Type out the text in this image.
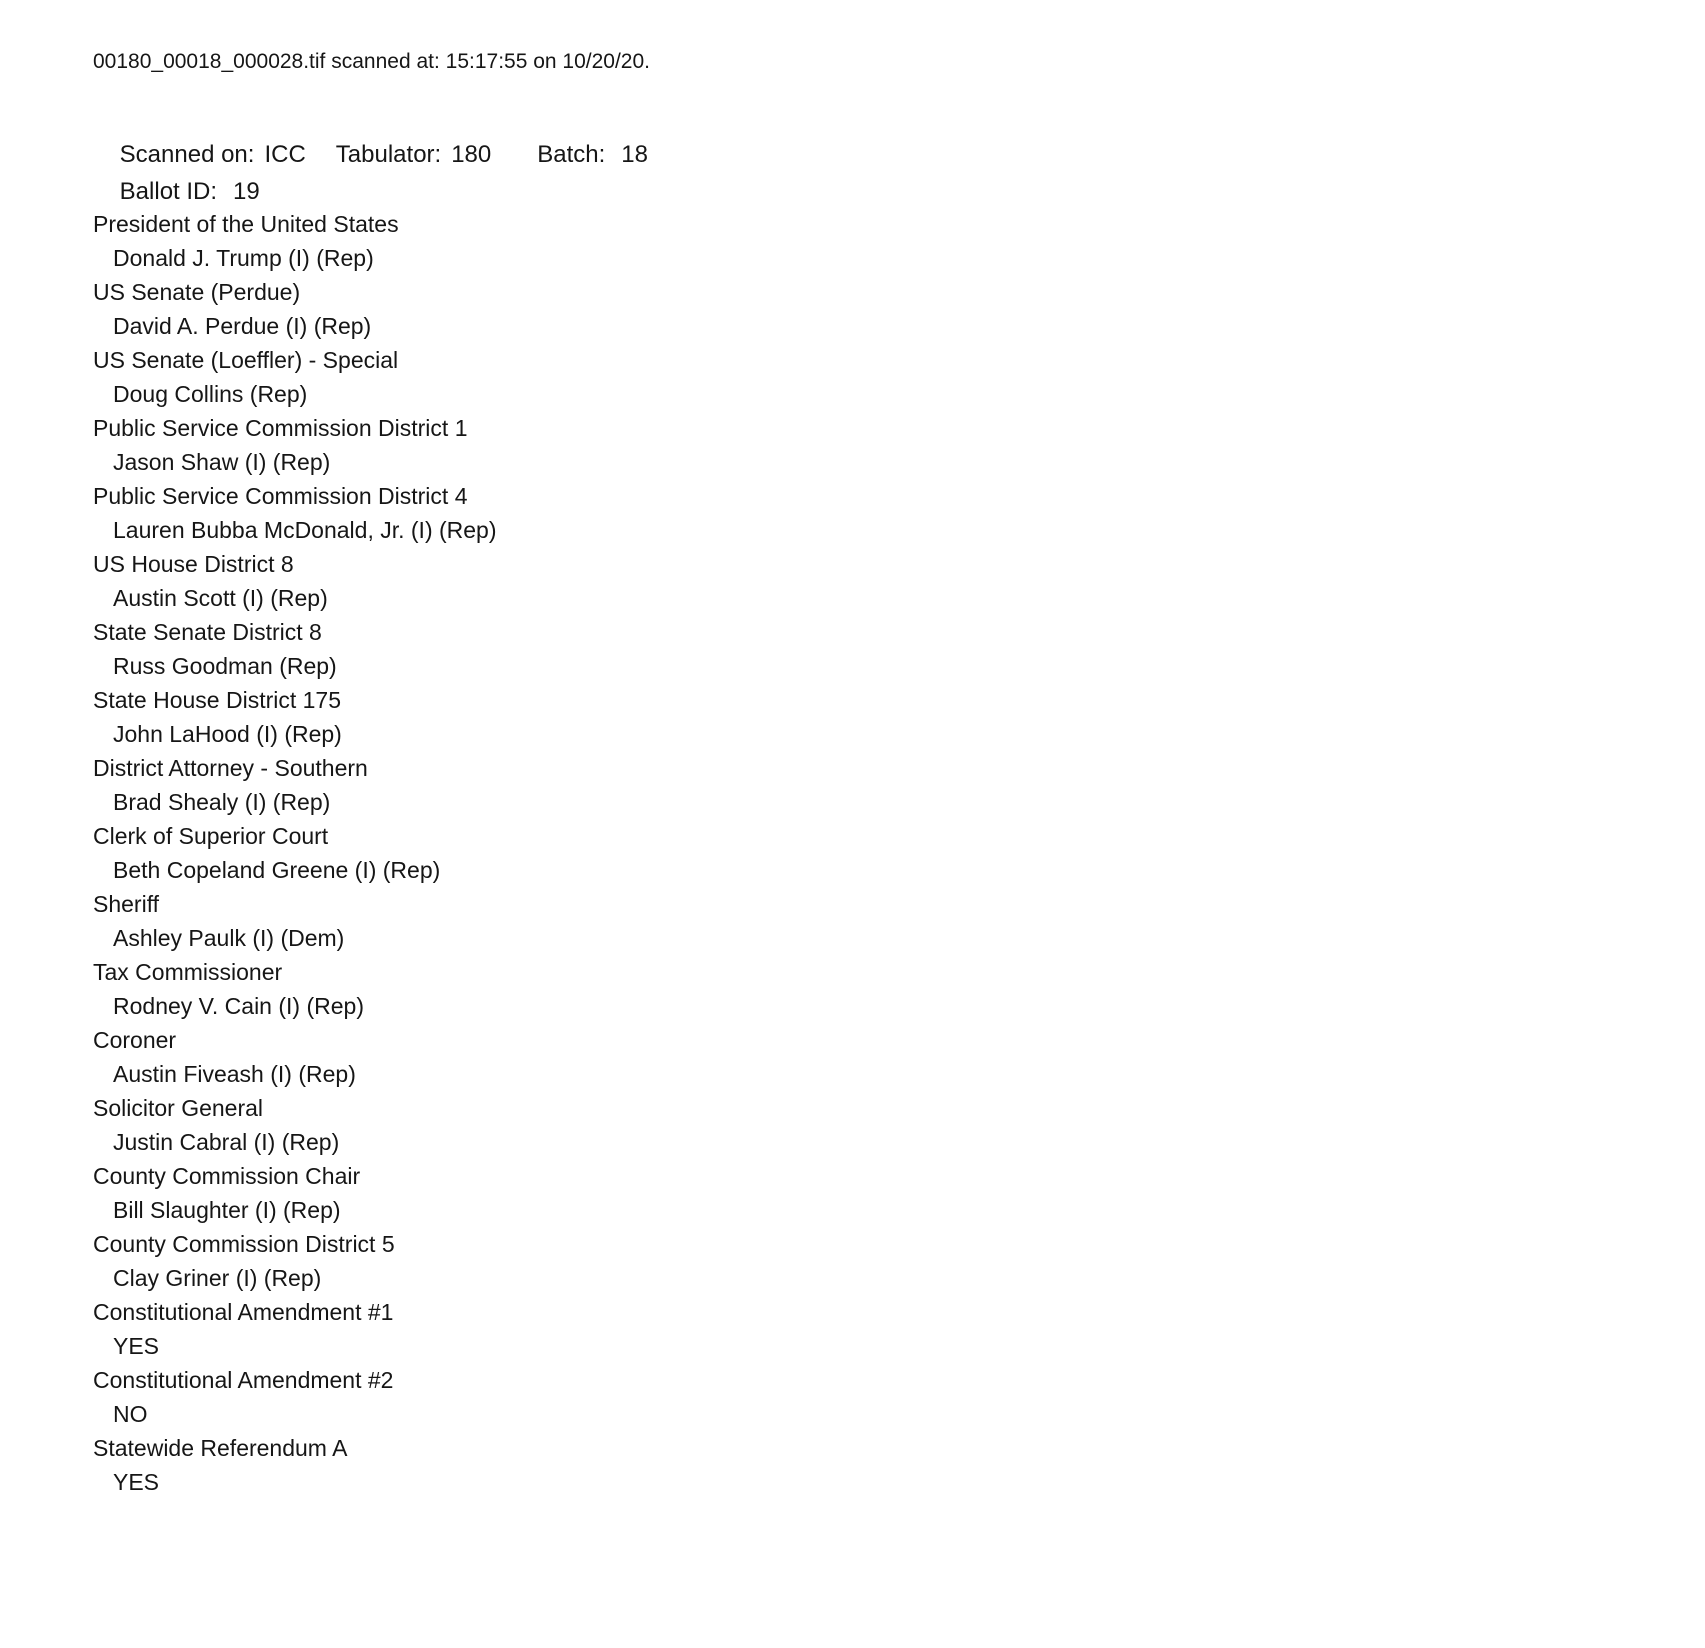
00180_00018_000028.tif scanned at: 15:17:55 on 10/20/20.

Scanned on: ICC Tabulator: 180 Batch: 18

Ballot ID: 19

President of the United States
Donald J. Trump (I) (Rep)
US Senate (Perdue)
David A. Perdue (I) (Rep)
US Senate (Loeffler) - Special
Doug Collins (Rep)
Public Service Commission District 1
Jason Shaw (I) (Rep)
Public Service Commission District 4
Lauren Bubba McDonald, Jr. (I) (Rep)
US House District 8
Austin Scott (I) (Rep)
State Senate District 8
Russ Goodman (Rep)
State House District 175
John LaHood (I) (Rep)
District Attorney - Southern
Brad Shealy (I) (Rep)
Clerk of Superior Court
Beth Copeland Greene (I) (Rep)
Sheriff
Ashley Paulk (I) (Dem)
Tax Commissioner
Rodney V. Cain (I) (Rep)
Coroner
Austin Fiveash (I) (Rep)
Solicitor General
Justin Cabral (I) (Rep)
County Commission Chair
Bill Slaughter (I) (Rep)
County Commission District 5
Clay Griner (I) (Rep)
Constitutional Amendment #1
YES
Constitutional Amendment #2
NO
Statewide Referendum A
YES
